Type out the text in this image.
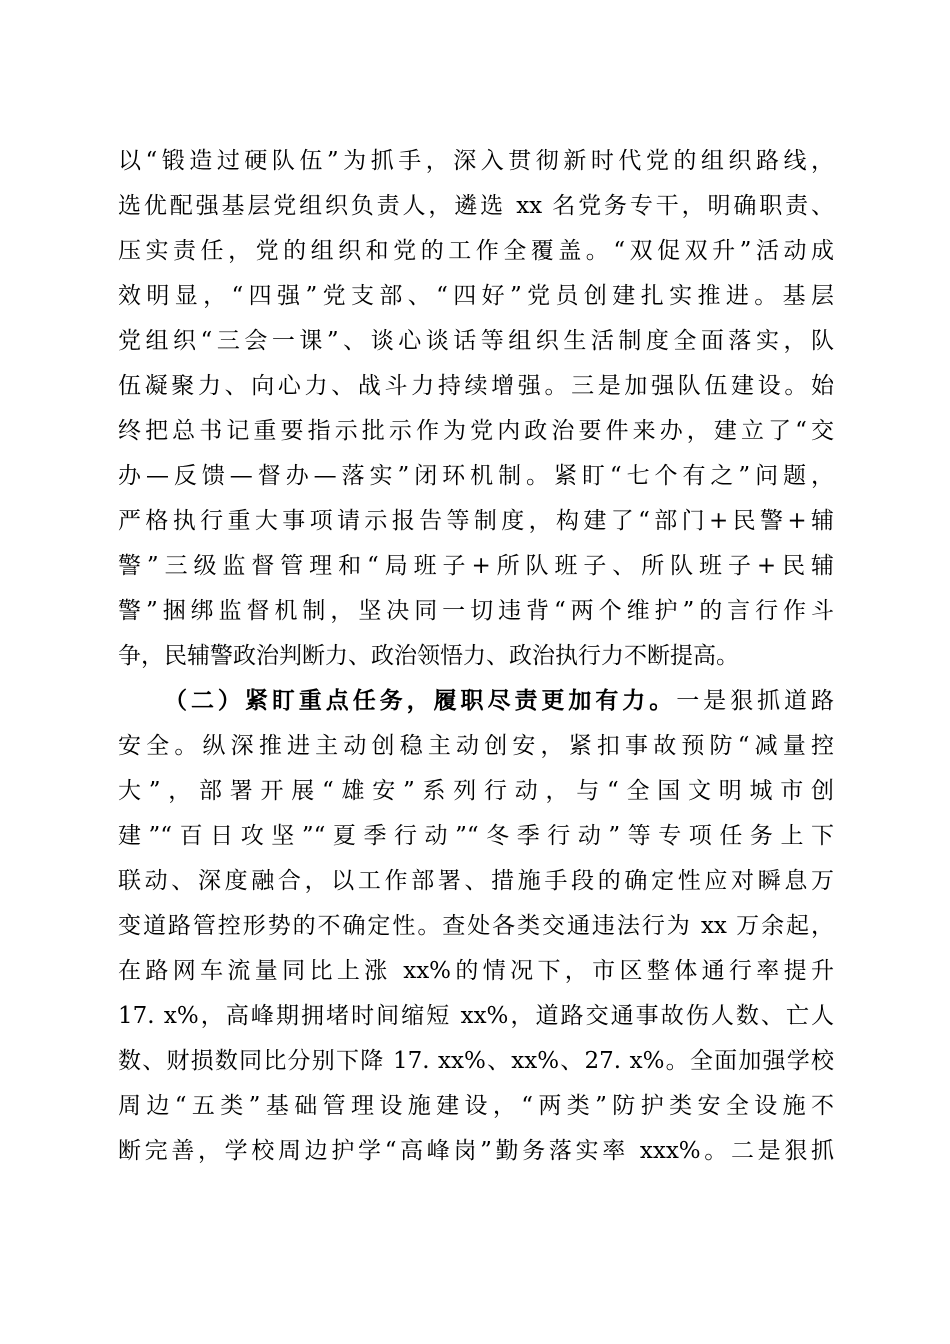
以“锻造过硬队伍”为抓手，深入贯彻新时代党的组织路线，
选优配强基层党组织负责人，遴选 xx 名党务专干，明确职责、
压实责任，党的组织和党的工作全覆盖。“双促双升”活动成
效明显，“四强”党支部、“四好”党员创建扎实推进。基层
党组织“三会一课”、谈心谈话等组织生活制度全面落实，队
伍凝聚力、向心力、战斗力持续增强。三是加强队伍建设。始
终把总书记重要指示批示作为党内政治要件来办，建立了“交
办—反馈—督办—落实”闭环机制。紧盯“七个有之”问题，
严格执行重大事项请示报告等制度，构建了“部门+民警+辅
警”三级监督管理和“局班子+所队班子、所队班子+民辅
警”捆绑监督机制，坚决同一切违背“两个维护”的言行作斗
争，民辅警政治判断力、政治领悟力、政治执行力不断提高。
（二）紧盯重点任务，履职尽责更加有力。一是狠抓道路
安全。纵深推进主动创稳主动创安，紧扣事故预防“减量控
大”，部署开展“雄安”系列行动，与“全国文明城市创
建”“百日攻坚”“夏季行动”“冬季行动”等专项任务上下
联动、深度融合，以工作部署、措施手段的确定性应对瞬息万
变道路管控形势的不确定性。查处各类交通违法行为 xx 万余起，
在路网车流量同比上涨 xx%的情况下，市区整体通行率提升
17. x%，高峰期拥堵时间缩短 xx%，道路交通事故伤人数、亡人
数、财损数同比分别下降 17. xx%、xx%、27. x%。全面加强学校
周边“五类”基础管理设施建设，“两类”防护类安全设施不
断完善，学校周边护学“高峰岗”勤务落实率 xxx%。二是狠抓
